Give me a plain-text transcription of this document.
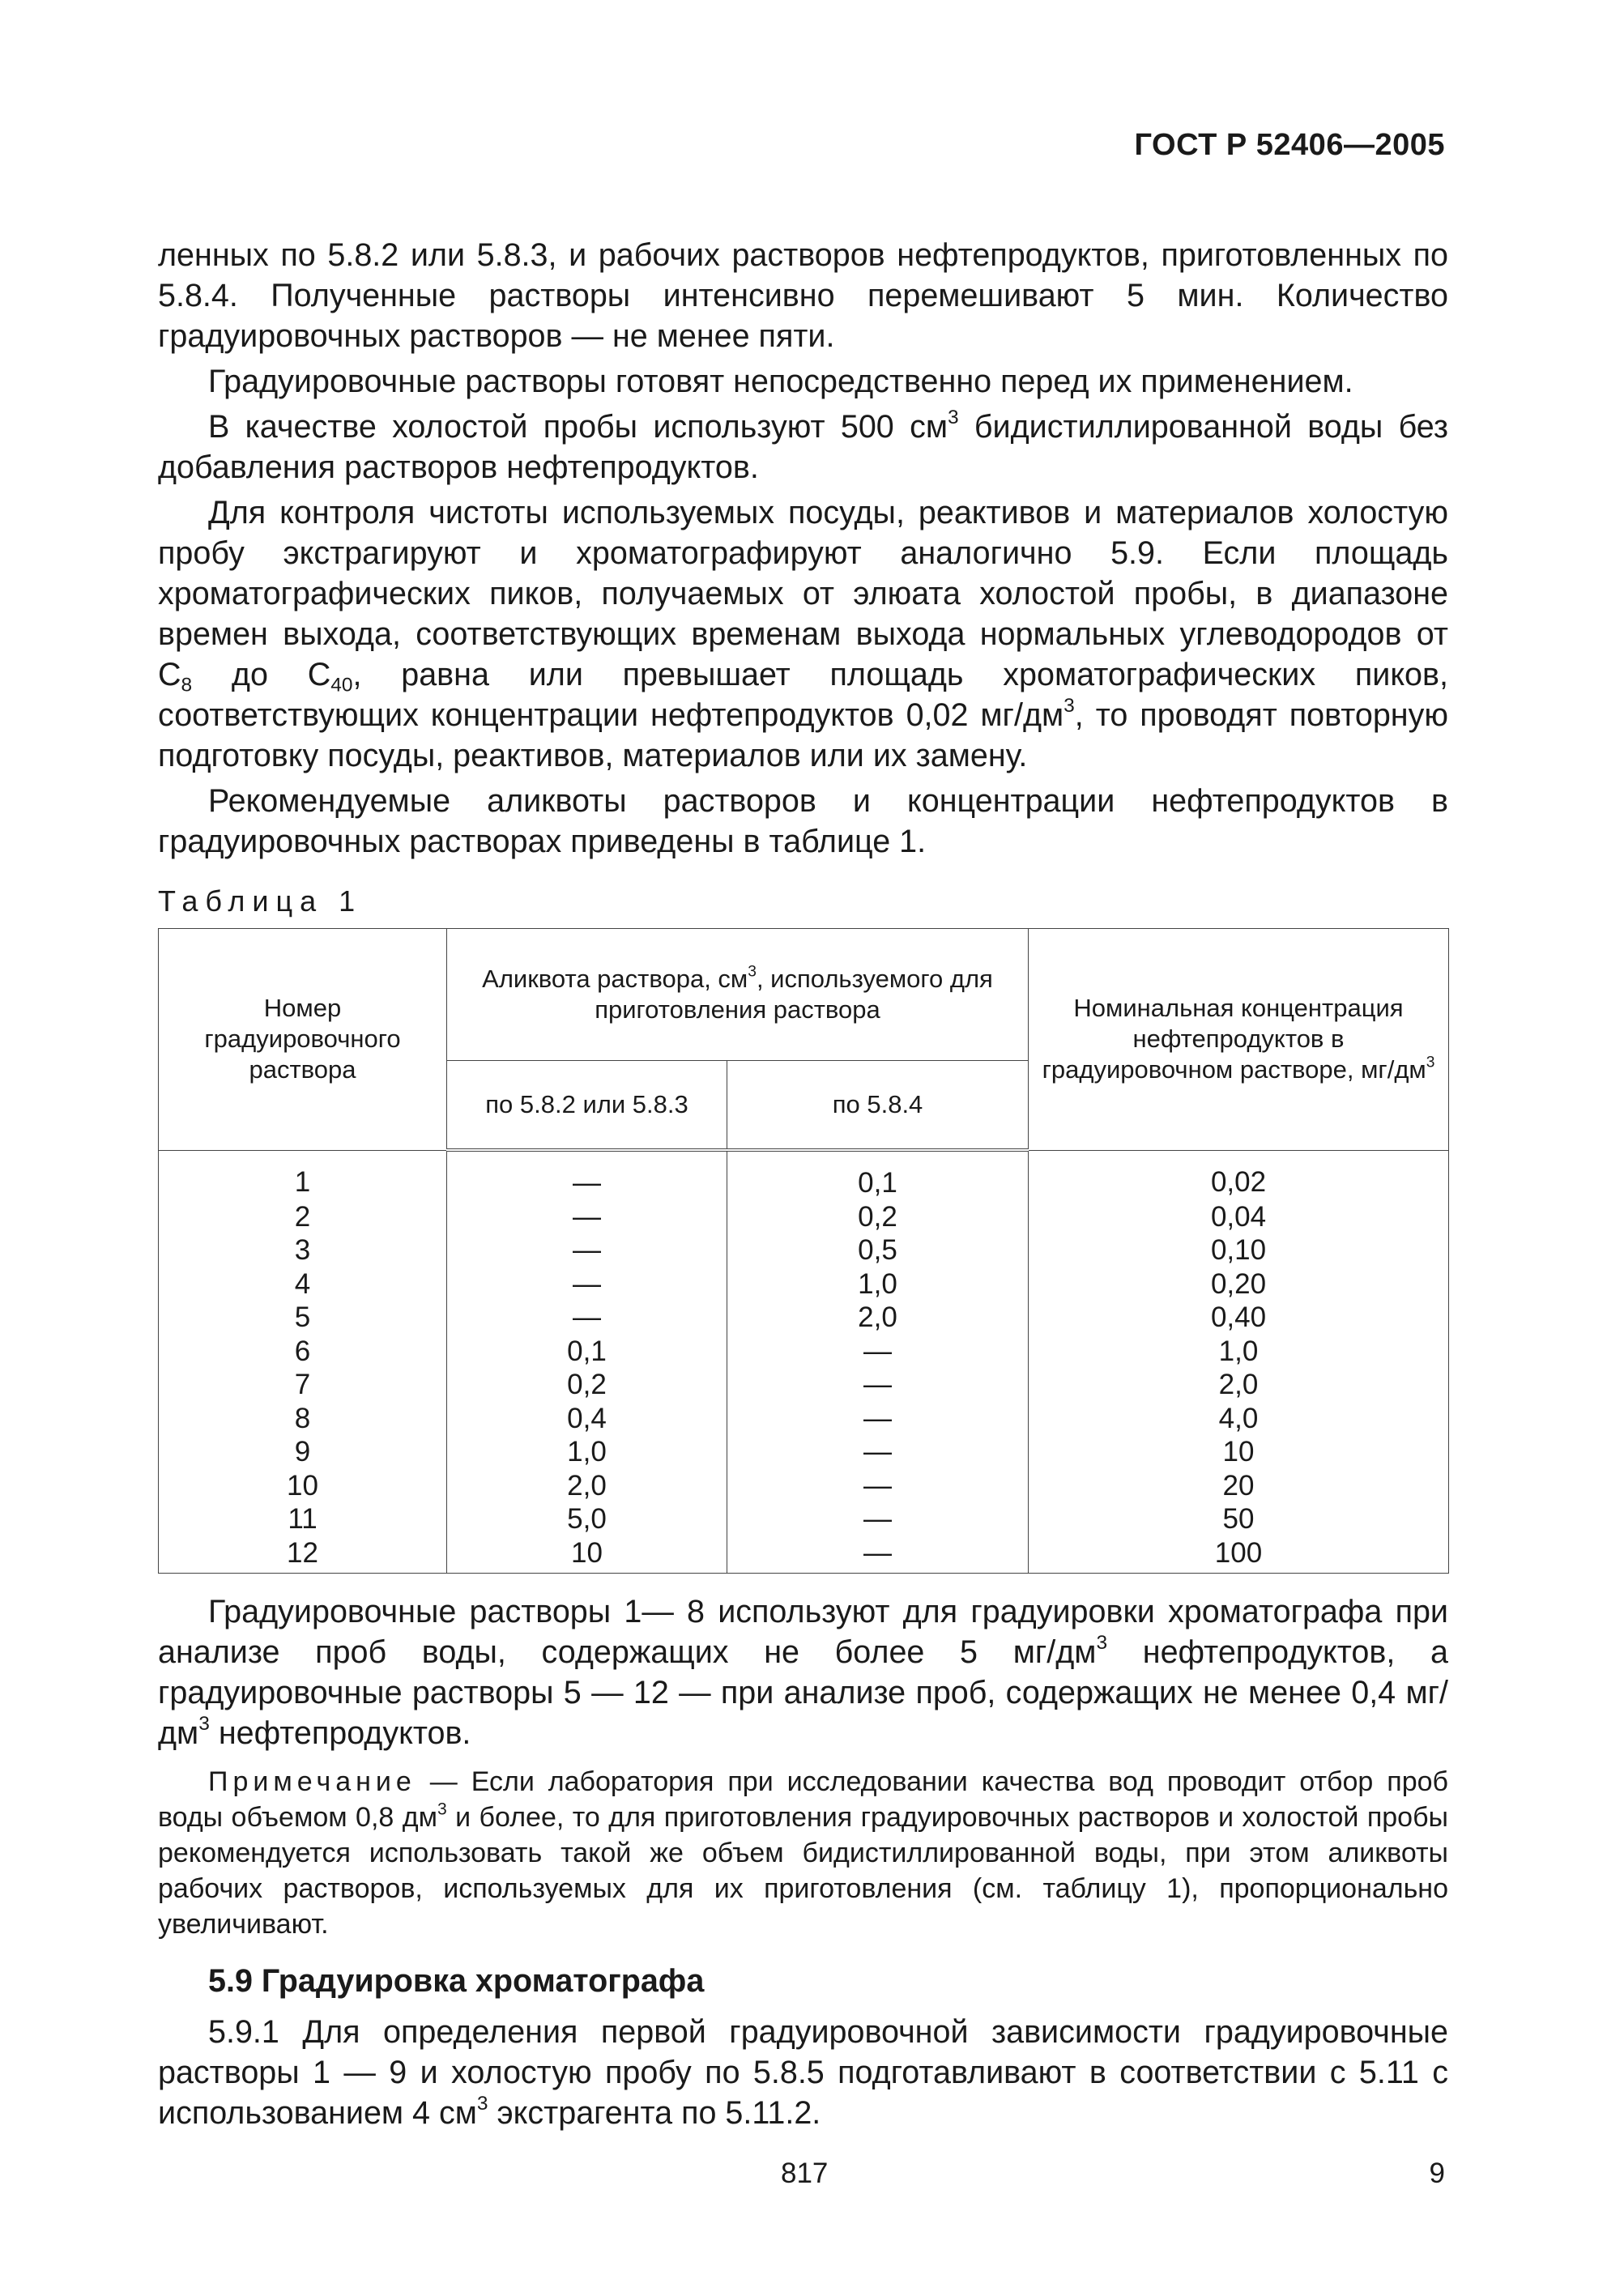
ГОСТ Р 52406—2005

ленных по 5.8.2 или 5.8.3, и рабочих растворов нефтепродуктов, приготовленных по 5.8.4. Полученные растворы интенсивно перемешивают 5 мин. Количество градуировочных растворов — не менее пяти.

Градуировочные растворы готовят непосредственно перед их применением.

В качестве холостой пробы используют 500 $см^3$ бидистиллированной воды без добавления растворов нефтепродуктов.

Для контроля чистоты используемых посуды, реактивов и материалов холостую пробу экстрагируют и хроматографируют аналогично 5.9. Если площадь хроматографических пиков, получаемых от элюата холостой пробы, в диапазоне времен выхода, соответствующих временам выхода нормальных углеводородов от $С_8$ до $С_{40}$, равна или превышает площадь хроматографических пиков, соответствующих концентрации нефтепродуктов 0,02 $мг/дм^3$, то проводят повторную подготовку посуды, реактивов, материалов или их замену.

Рекомендуемые аликвоты растворов и концентрации нефтепродуктов в градуировочных растворах приведены в таблице 1.

Таблица 1
Номер градуировочного раствора	Аликвота раствора, $см^3$, используемого для приготовления раствора		Номинальная концентрация нефтепродуктов в градуировочном растворе, $мг/дм^3$
	по 5.8.2 или 5.8.3	по 5.8.4	
1	—	0,1	0,02
2	—	0,2	0,04
3	—	0,5	0,10
4	—	1,0	0,20
5	—	2,0	0,40
6	0,1	—	1,0
7	0,2	—	2,0
8	0,4	—	4,0
9	1,0	—	10
10	2,0	—	20
11	5,0	—	50
12	10	—	100

Градуировочные растворы 1— 8 используют для градуировки хроматографа при анализе проб воды, содержащих не более 5 $мг/дм^3$ нефтепродуктов, а градуировочные растворы 5 — 12 — при анализе проб, содержащих не менее 0,4 $мг/дм^3$ нефтепродуктов.

Примечание — Если лаборатория при исследовании качества вод проводит отбор проб воды объемом 0,8 $дм^3$ и более, то для приготовления градуировочных растворов и холостой пробы рекомендуется использовать такой же объем бидистиллированной воды, при этом аликвоты рабочих растворов, используемых для их приготовления (см. таблицу 1), пропорционально увеличивают.
5.9 Градуировка хроматографа

5.9.1 Для определения первой градуировочной зависимости градуировочные растворы 1 — 9 и холостую пробу по 5.8.5 подготавливают в соответствии с 5.11 с использованием 4 $см^3$ экстрагента по 5.11.2.

817	9
